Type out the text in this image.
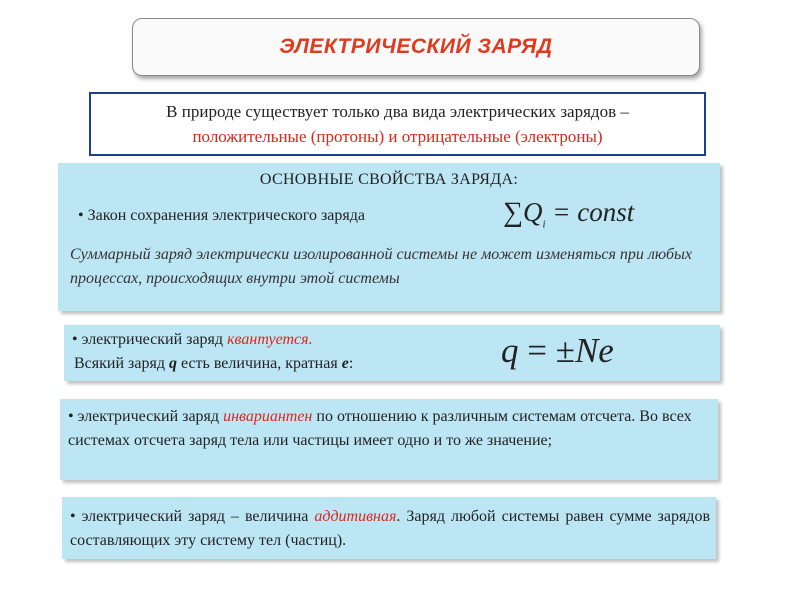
ЭЛЕКТРИЧЕСКИЙ ЗАРЯД
В природе существует только два вида электрических зарядов –
положительные (протоны) и отрицательные (электроны)
ОСНОВНЫЕ СВОЙСТВА ЗАРЯДА:
• Закон сохранения электрического заряда	$\sum Q_i$ = const
Суммарный заряд электрически изолированной системы не может изменяться при любых процессах, происходящих внутри этой системы
• электрический заряд квантуется.
Всякий заряд q есть величина, кратная e:	q = ±Ne
• электрический заряд инвариантен по отношению к различным системам отсчета. Во всех системах отсчета заряд тела или частицы имеет одно и то же значение;
• электрический заряд – величина аддитивная. Заряд любой системы равен сумме зарядов составляющих эту систему тел (частиц).
